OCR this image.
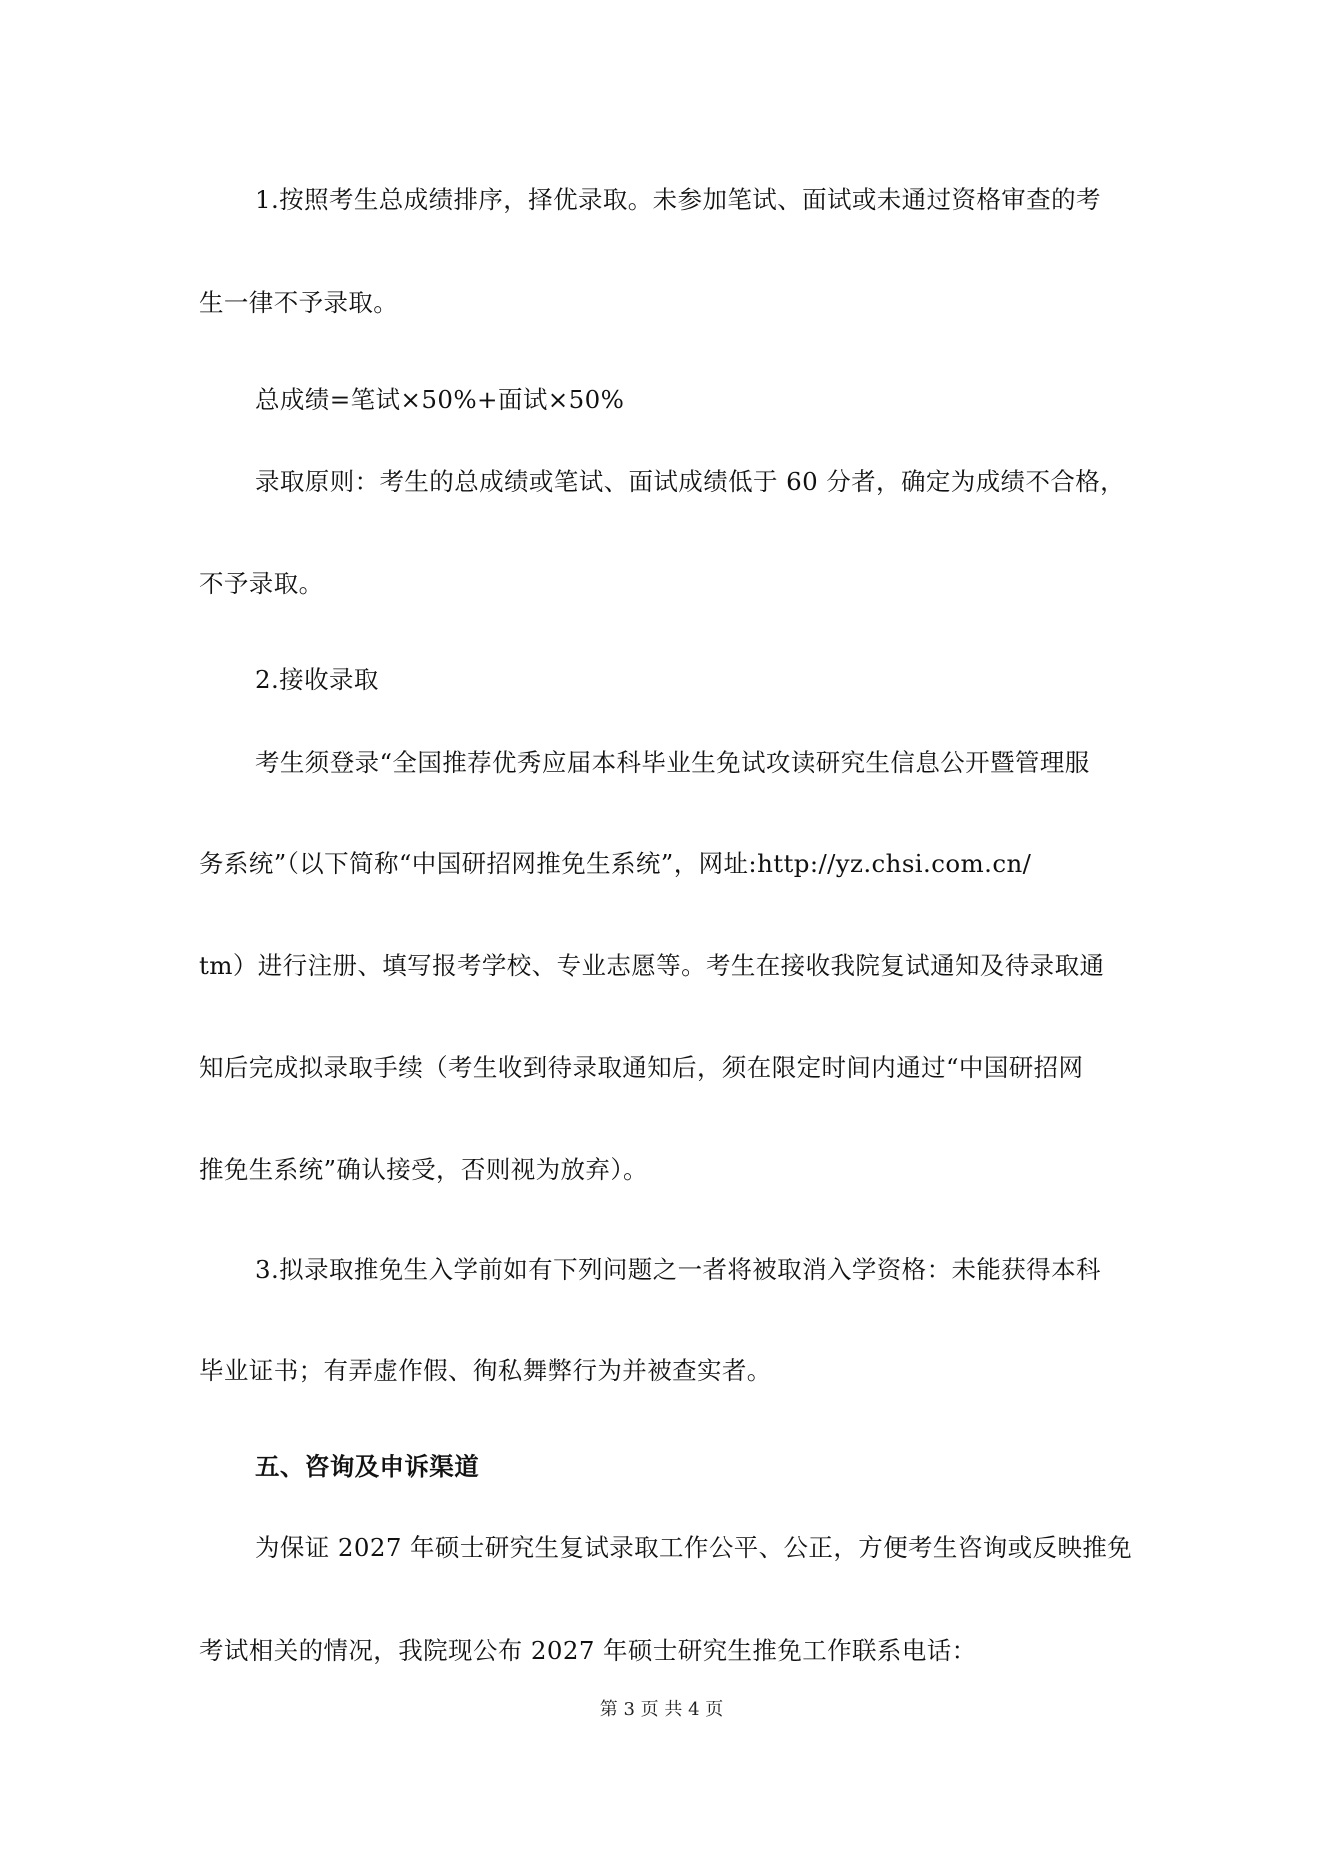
1.按照考生总成绩排序，择优录取。未参加笔试、面试或未通过资格审查的考
生一律不予录取。
总成绩=笔试×50%+面试×50%
录取原则：考生的总成绩或笔试、面试成绩低于 60 分者，确定为成绩不合格，
不予录取。
2.接收录取
考生须登录“全国推荐优秀应届本科毕业生免试攻读研究生信息公开暨管理服
务系统”（以下简称“中国研招网推免生系统”，网址:http://yz.chsi.com.cn/
tm）进行注册、填写报考学校、专业志愿等。考生在接收我院复试通知及待录取通
知后完成拟录取手续（考生收到待录取通知后，须在限定时间内通过“中国研招网
推免生系统”确认接受，否则视为放弃）。
3.拟录取推免生入学前如有下列问题之一者将被取消入学资格：未能获得本科
毕业证书；有弄虚作假、徇私舞弊行为并被查实者。
五、咨询及申诉渠道
为保证 2027 年硕士研究生复试录取工作公平、公正，方便考生咨询或反映推免
考试相关的情况，我院现公布 2027 年硕士研究生推免工作联系电话：
第 3 页 共 4 页
